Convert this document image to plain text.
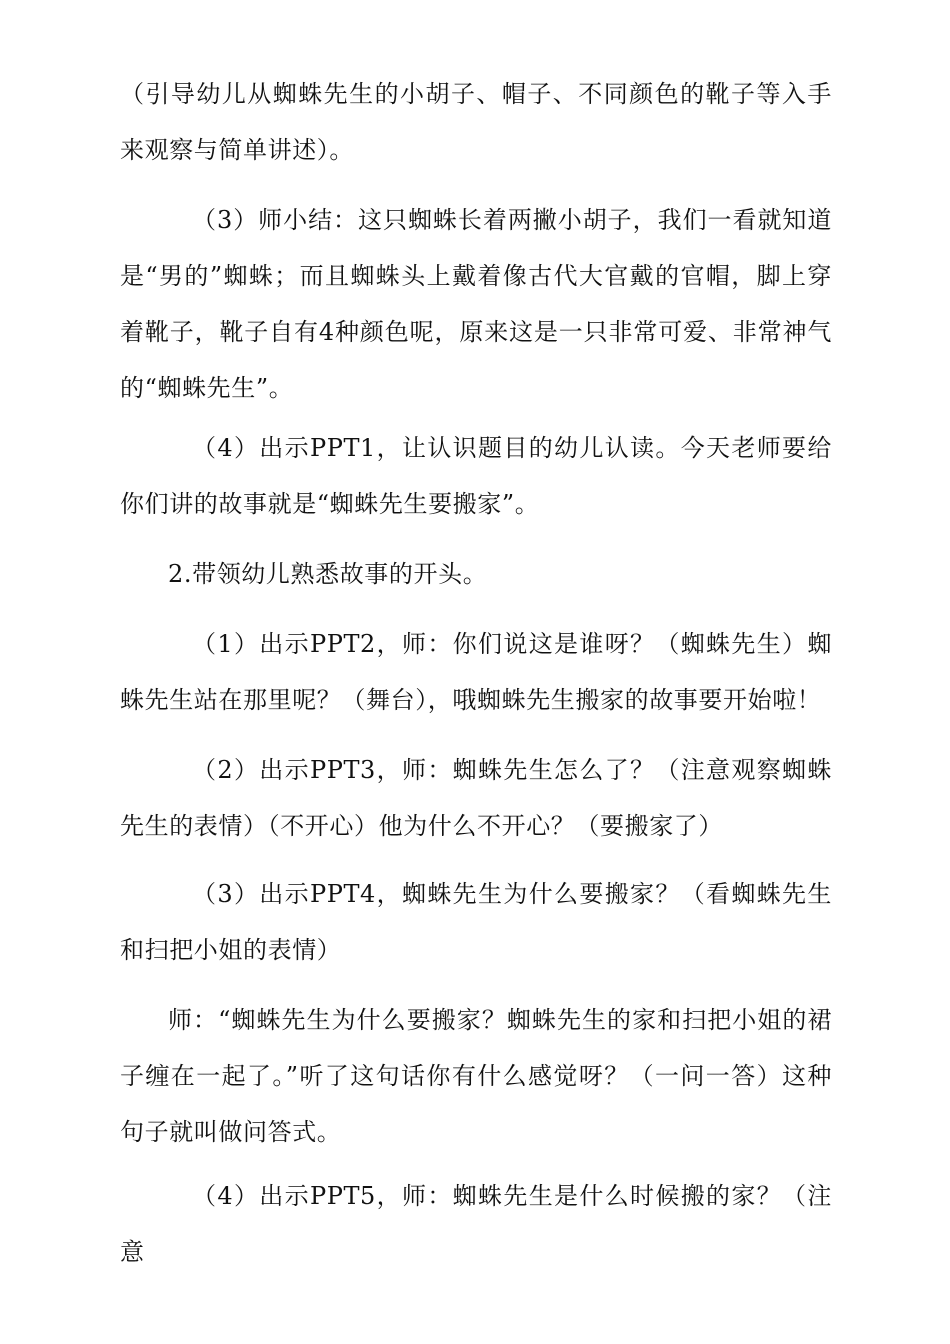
（引导幼儿从蜘蛛先生的小胡子、帽子、不同颜色的靴子等入手来观察与简单讲述）。

（3）师小结：这只蜘蛛长着两撇小胡子，我们一看就知道是“男的”蜘蛛；而且蜘蛛头上戴着像古代大官戴的官帽，脚上穿着靴子，靴子自有4种颜色呢，原来这是一只非常可爱、非常神气的“蜘蛛先生”。

（4）出示PPT1，让认识题目的幼儿认读。今天老师要给你们讲的故事就是“蜘蛛先生要搬家”。

2.带领幼儿熟悉故事的开头。

（1）出示PPT2，师：你们说这是谁呀？（蜘蛛先生）蜘蛛先生站在那里呢？（舞台），哦蜘蛛先生搬家的故事要开始啦！

（2）出示PPT3，师：蜘蛛先生怎么了？（注意观察蜘蛛先生的表情）（不开心）他为什么不开心？（要搬家了）

（3）出示PPT4，蜘蛛先生为什么要搬家？（看蜘蛛先生和扫把小姐的表情）

师：“蜘蛛先生为什么要搬家？蜘蛛先生的家和扫把小姐的裙子缠在一起了。”听了这句话你有什么感觉呀？（一问一答）这种句子就叫做问答式。

（4）出示PPT5，师：蜘蛛先生是什么时候搬的家？（注意
